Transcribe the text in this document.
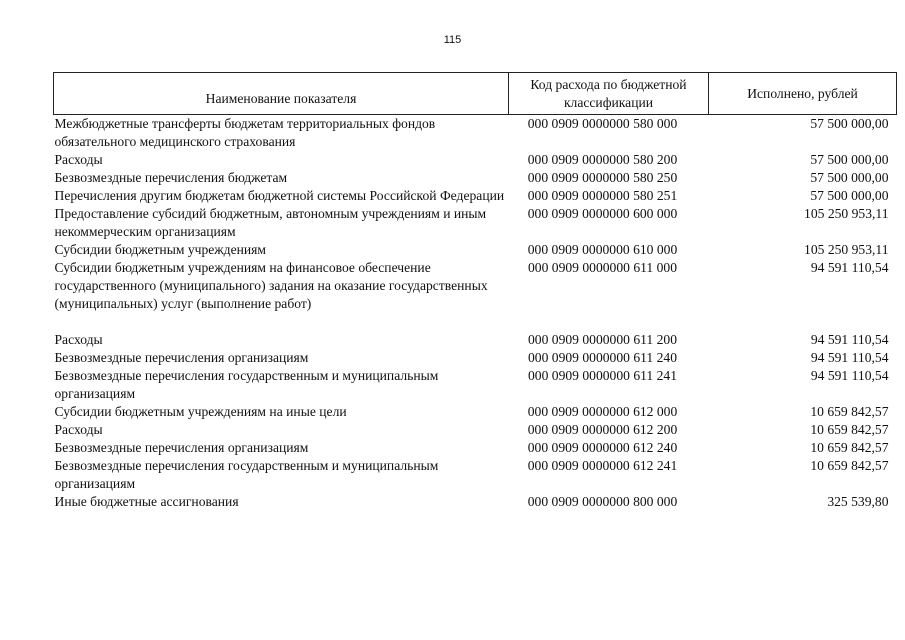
115
Наименование показателя	Код расхода по бюджетной классификации	Исполнено, рублей
Межбюджетные трансферты бюджетам территориальных фондов обязательного медицинского страхования	000 0909 0000000 580 000	57 500 000,00
Расходы	000 0909 0000000 580 200	57 500 000,00
Безвозмездные перечисления бюджетам	000 0909 0000000 580 250	57 500 000,00
Перечисления другим бюджетам бюджетной системы Российской Федерации	000 0909 0000000 580 251	57 500 000,00
Предоставление субсидий бюджетным, автономным учреждениям и иным некоммерческим организациям	000 0909 0000000 600 000	105 250 953,11
Субсидии бюджетным учреждениям	000 0909 0000000 610 000	105 250 953,11
Субсидии бюджетным учреждениям на финансовое обеспечение государственного (муниципального) задания на оказание государственных (муниципальных) услуг (выполнение работ)	000 0909 0000000 611 000	94 591 110,54
Расходы	000 0909 0000000 611 200	94 591 110,54
Безвозмездные перечисления организациям	000 0909 0000000 611 240	94 591 110,54
Безвозмездные перечисления государственным и муниципальным организациям	000 0909 0000000 611 241	94 591 110,54
Субсидии бюджетным учреждениям на иные цели	000 0909 0000000 612 000	10 659 842,57
Расходы	000 0909 0000000 612 200	10 659 842,57
Безвозмездные перечисления организациям	000 0909 0000000 612 240	10 659 842,57
Безвозмездные перечисления государственным и муниципальным организациям	000 0909 0000000 612 241	10 659 842,57
Иные бюджетные ассигнования	000 0909 0000000 800 000	325 539,80
